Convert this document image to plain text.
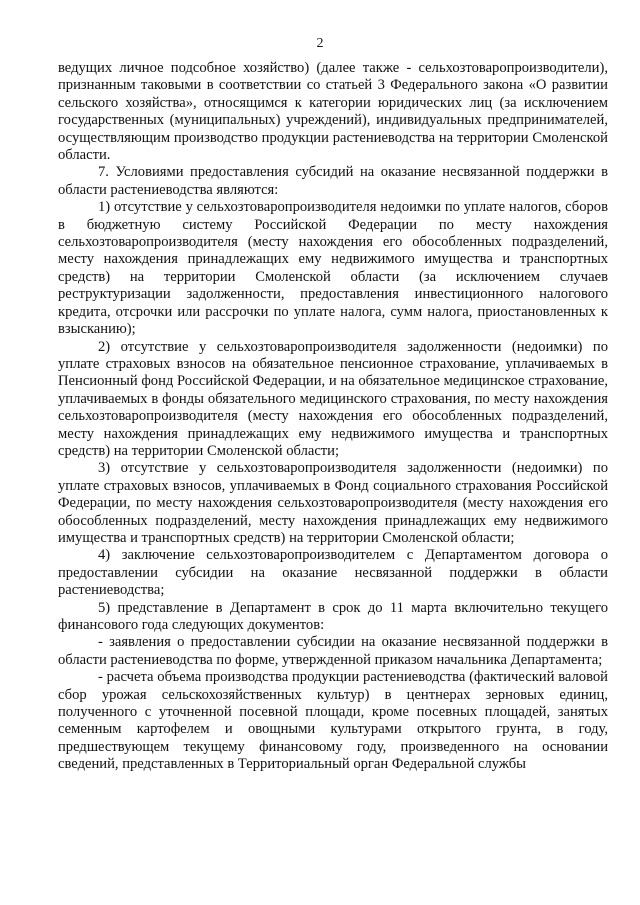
2

ведущих личное подсобное хозяйство) (далее также - сельхозтоваропроизводители), признанным таковыми в соответствии со статьей 3 Федерального закона «О развитии сельского хозяйства», относящимся к категории юридических лиц (за исключением государственных (муниципальных) учреждений), индивидуальных предпринимателей, осуществляющим производство продукции растениеводства на территории Смоленской области.

7. Условиями предоставления субсидий на оказание несвязанной поддержки в области растениеводства являются:

1) отсутствие у сельхозтоваропроизводителя недоимки по уплате налогов, сборов в бюджетную систему Российской Федерации по месту нахождения сельхозтоваропроизводителя (месту нахождения его обособленных подразделений, месту нахождения принадлежащих ему недвижимого имущества и транспортных средств) на территории Смоленской области (за исключением случаев реструктуризации задолженности, предоставления инвестиционного налогового кредита, отсрочки или рассрочки по уплате налога, сумм налога, приостановленных к взысканию);

2) отсутствие у сельхозтоваропроизводителя задолженности (недоимки) по уплате страховых взносов на обязательное пенсионное страхование, уплачиваемых в Пенсионный фонд Российской Федерации, и на обязательное медицинское страхование, уплачиваемых в фонды обязательного медицинского страхования, по месту нахождения сельхозтоваропроизводителя (месту нахождения его обособленных подразделений, месту нахождения принадлежащих ему недвижимого имущества и транспортных средств) на территории Смоленской области;

3) отсутствие у сельхозтоваропроизводителя задолженности (недоимки) по уплате страховых взносов, уплачиваемых в Фонд социального страхования Российской Федерации, по месту нахождения сельхозтоваропроизводителя (месту нахождения его обособленных подразделений, месту нахождения принадлежащих ему недвижимого имущества и транспортных средств) на территории Смоленской области;

4) заключение сельхозтоваропроизводителем с Департаментом договора о предоставлении субсидии на оказание несвязанной поддержки в области растениеводства;

5) представление в Департамент в срок до 11 марта включительно текущего финансового года следующих документов:

- заявления о предоставлении субсидии на оказание несвязанной поддержки в области растениеводства по форме, утвержденной приказом начальника Департамента;

- расчета объема производства продукции растениеводства (фактический валовой сбор урожая сельскохозяйственных культур) в центнерах зерновых единиц, полученного с уточненной посевной площади, кроме посевных площадей, занятых семенным картофелем и овощными культурами открытого грунта, в году, предшествующем текущему финансовому году, произведенного на основании сведений, представленных в Территориальный орган Федеральной службы
